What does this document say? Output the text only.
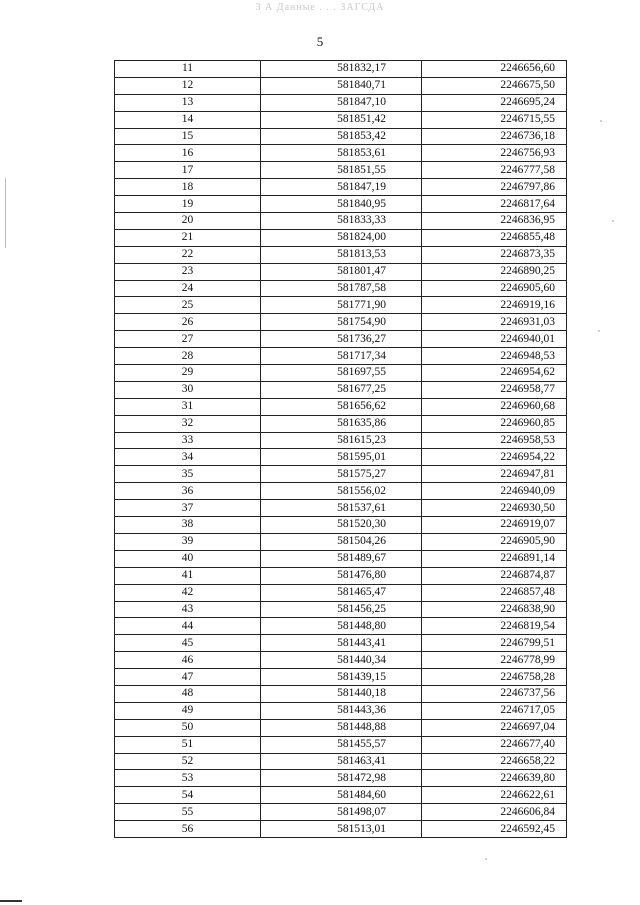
З А Данные . . . ЗАГСДА
5
11	581832,17	2246656,60
12	581840,71	2246675,50
13	581847,10	2246695,24
14	581851,42	2246715,55
15	581853,42	2246736,18
16	581853,61	2246756,93
17	581851,55	2246777,58
18	581847,19	2246797,86
19	581840,95	2246817,64
20	581833,33	2246836,95
21	581824,00	2246855,48
22	581813,53	2246873,35
23	581801,47	2246890,25
24	581787,58	2246905,60
25	581771,90	2246919,16
26	581754,90	2246931,03
27	581736,27	2246940,01
28	581717,34	2246948,53
29	581697,55	2246954,62
30	581677,25	2246958,77
31	581656,62	2246960,68
32	581635,86	2246960,85
33	581615,23	2246958,53
34	581595,01	2246954,22
35	581575,27	2246947,81
36	581556,02	2246940,09
37	581537,61	2246930,50
38	581520,30	2246919,07
39	581504,26	2246905,90
40	581489,67	2246891,14
41	581476,80	2246874,87
42	581465,47	2246857,48
43	581456,25	2246838,90
44	581448,80	2246819,54
45	581443,41	2246799,51
46	581440,34	2246778,99
47	581439,15	2246758,28
48	581440,18	2246737,56
49	581443,36	2246717,05
50	581448,88	2246697,04
51	581455,57	2246677,40
52	581463,41	2246658,22
53	581472,98	2246639,80
54	581484,60	2246622,61
55	581498,07	2246606,84
56	581513,01	2246592,45
